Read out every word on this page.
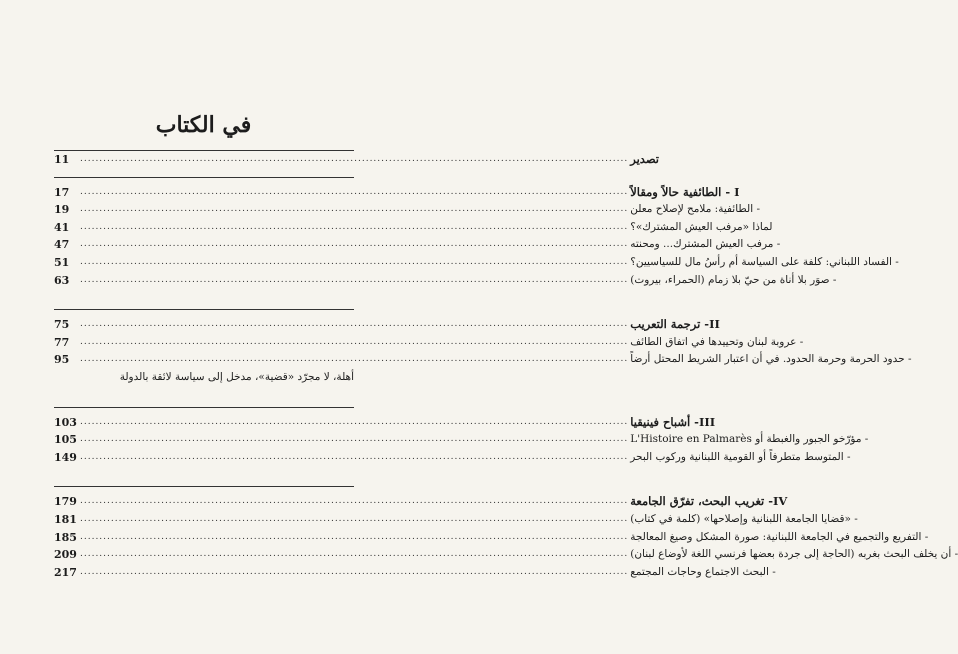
في الكتاب
11 .....	تصدير
17 .....	I - الطائفية حالاً ومقالاً
19 .....	- الطائفية: ملامح لإصلاح معلن
41 .....	لماذا «مرفب العيش المشترك»؟
47 .....	- مرفب العيش المشترك... ومحنته
51 .....	- الفساد اللبناني: كلفة على السياسة أم رأسُ مال للسياسيين؟
63 .....	- صوَر بلا أناة من حيّ بلا زمام (الحمراء، بيروت)
75 .....	II- ترجمة التعريب
77 .....	- عروبة لبنان وتحييدها في اتفاق الطائف
95 .....	- حدود الحرمة وحرمة الحدود. في أن اعتبار الشريط المحتل أرضاً
أهلة، لا مجرّد «قضية»، مدخل إلى سياسة لائقة بالدولة
103 .....	III- أشباح فينيقيا
105 .....	- مؤرّخو الجبور والغبطة أو L'Histoire en Palmarès
149 .....	- المتوسط متطرفاً أو القومية اللبنانية وركوب البحر
179 .....	IV- تغريب البحث، تفرّق الجامعة
181 .....	- «قضايا الجامعة اللبنانية وإصلاحها» (كلمة في كتاب)
185 .....	- التفريع والتجميع في الجامعة اللبنانية: صورة المشكل وصيغ المعالجة
209 .....	- أن يخلف البحث بغربه (الحاجة إلى جردة بعضها فرنسي اللغة لأوضاع لبنان)
217 .....	- البحث الاجتماع وحاجات المجتمع
